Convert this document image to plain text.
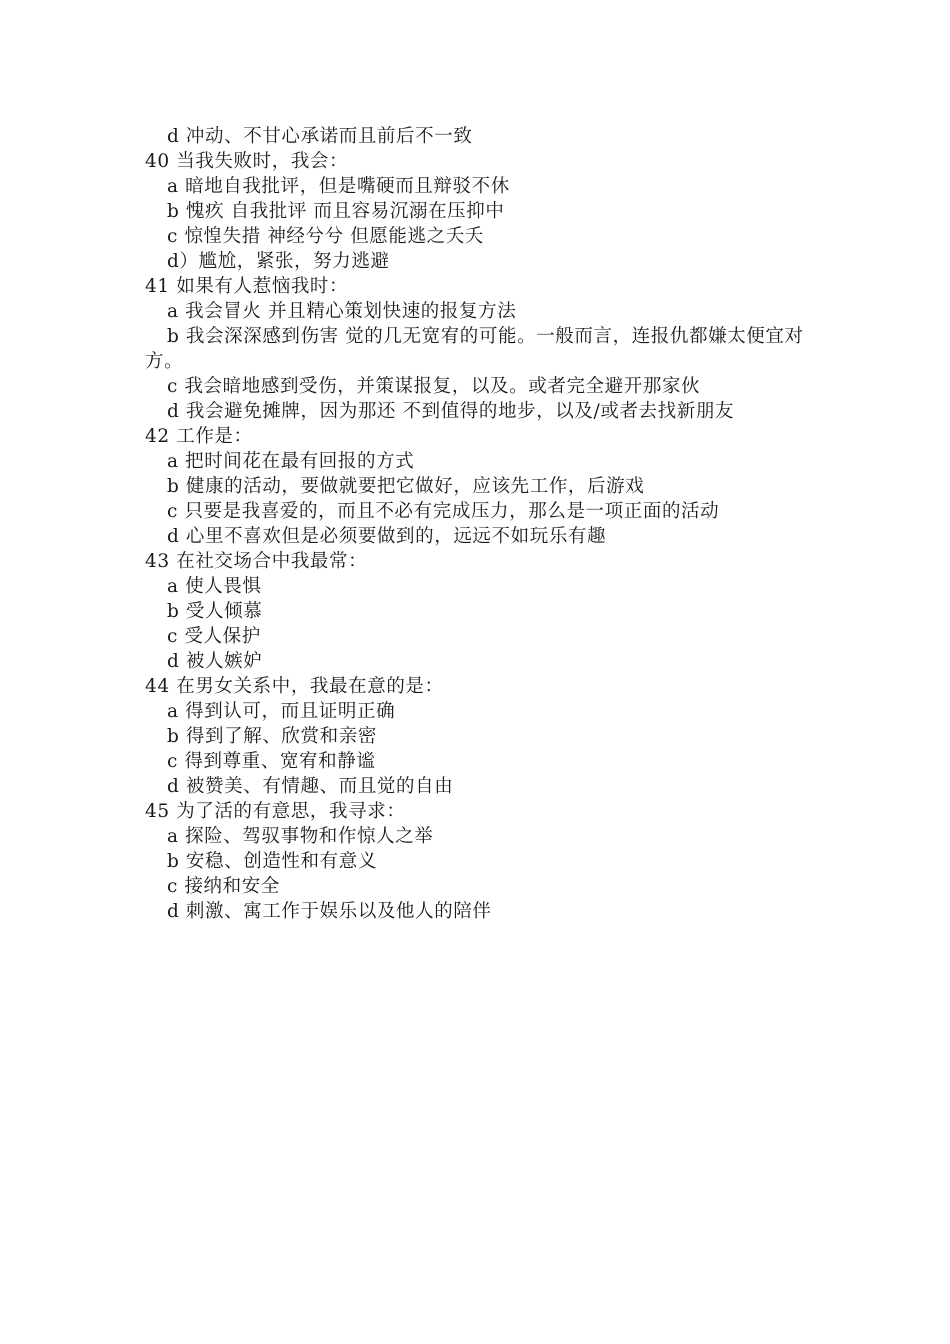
d 冲动、不甘心承诺而且前后不一致
40 当我失败时，我会：
a 暗地自我批评，但是嘴硬而且辩驳不休
b 愧疚 自我批评 而且容易沉溺在压抑中
c 惊惶失措 神经兮兮 但愿能逃之夭夭
d）尴尬，紧张，努力逃避
41 如果有人惹恼我时：
a 我会冒火 并且精心策划快速的报复方法
b 我会深深感到伤害 觉的几无宽宥的可能。一般而言，连报仇都嫌太便宜对方。
c 我会暗地感到受伤，并策谋报复，以及。或者完全避开那家伙
d 我会避免摊牌，因为那还 不到值得的地步，以及/或者去找新朋友
42 工作是：
a 把时间花在最有回报的方式
b 健康的活动，要做就要把它做好，应该先工作，后游戏
c 只要是我喜爱的，而且不必有完成压力，那么是一项正面的活动
d 心里不喜欢但是必须要做到的，远远不如玩乐有趣
43 在社交场合中我最常：
a 使人畏惧
b 受人倾慕
c 受人保护
d 被人嫉妒
44 在男女关系中，我最在意的是：
a 得到认可，而且证明正确
b 得到了解、欣赏和亲密
c 得到尊重、宽宥和静谧
d 被赞美、有情趣、而且觉的自由
45 为了活的有意思，我寻求：
a 探险、驾驭事物和作惊人之举
b 安稳、创造性和有意义
c 接纳和安全
d 刺激、寓工作于娱乐以及他人的陪伴
